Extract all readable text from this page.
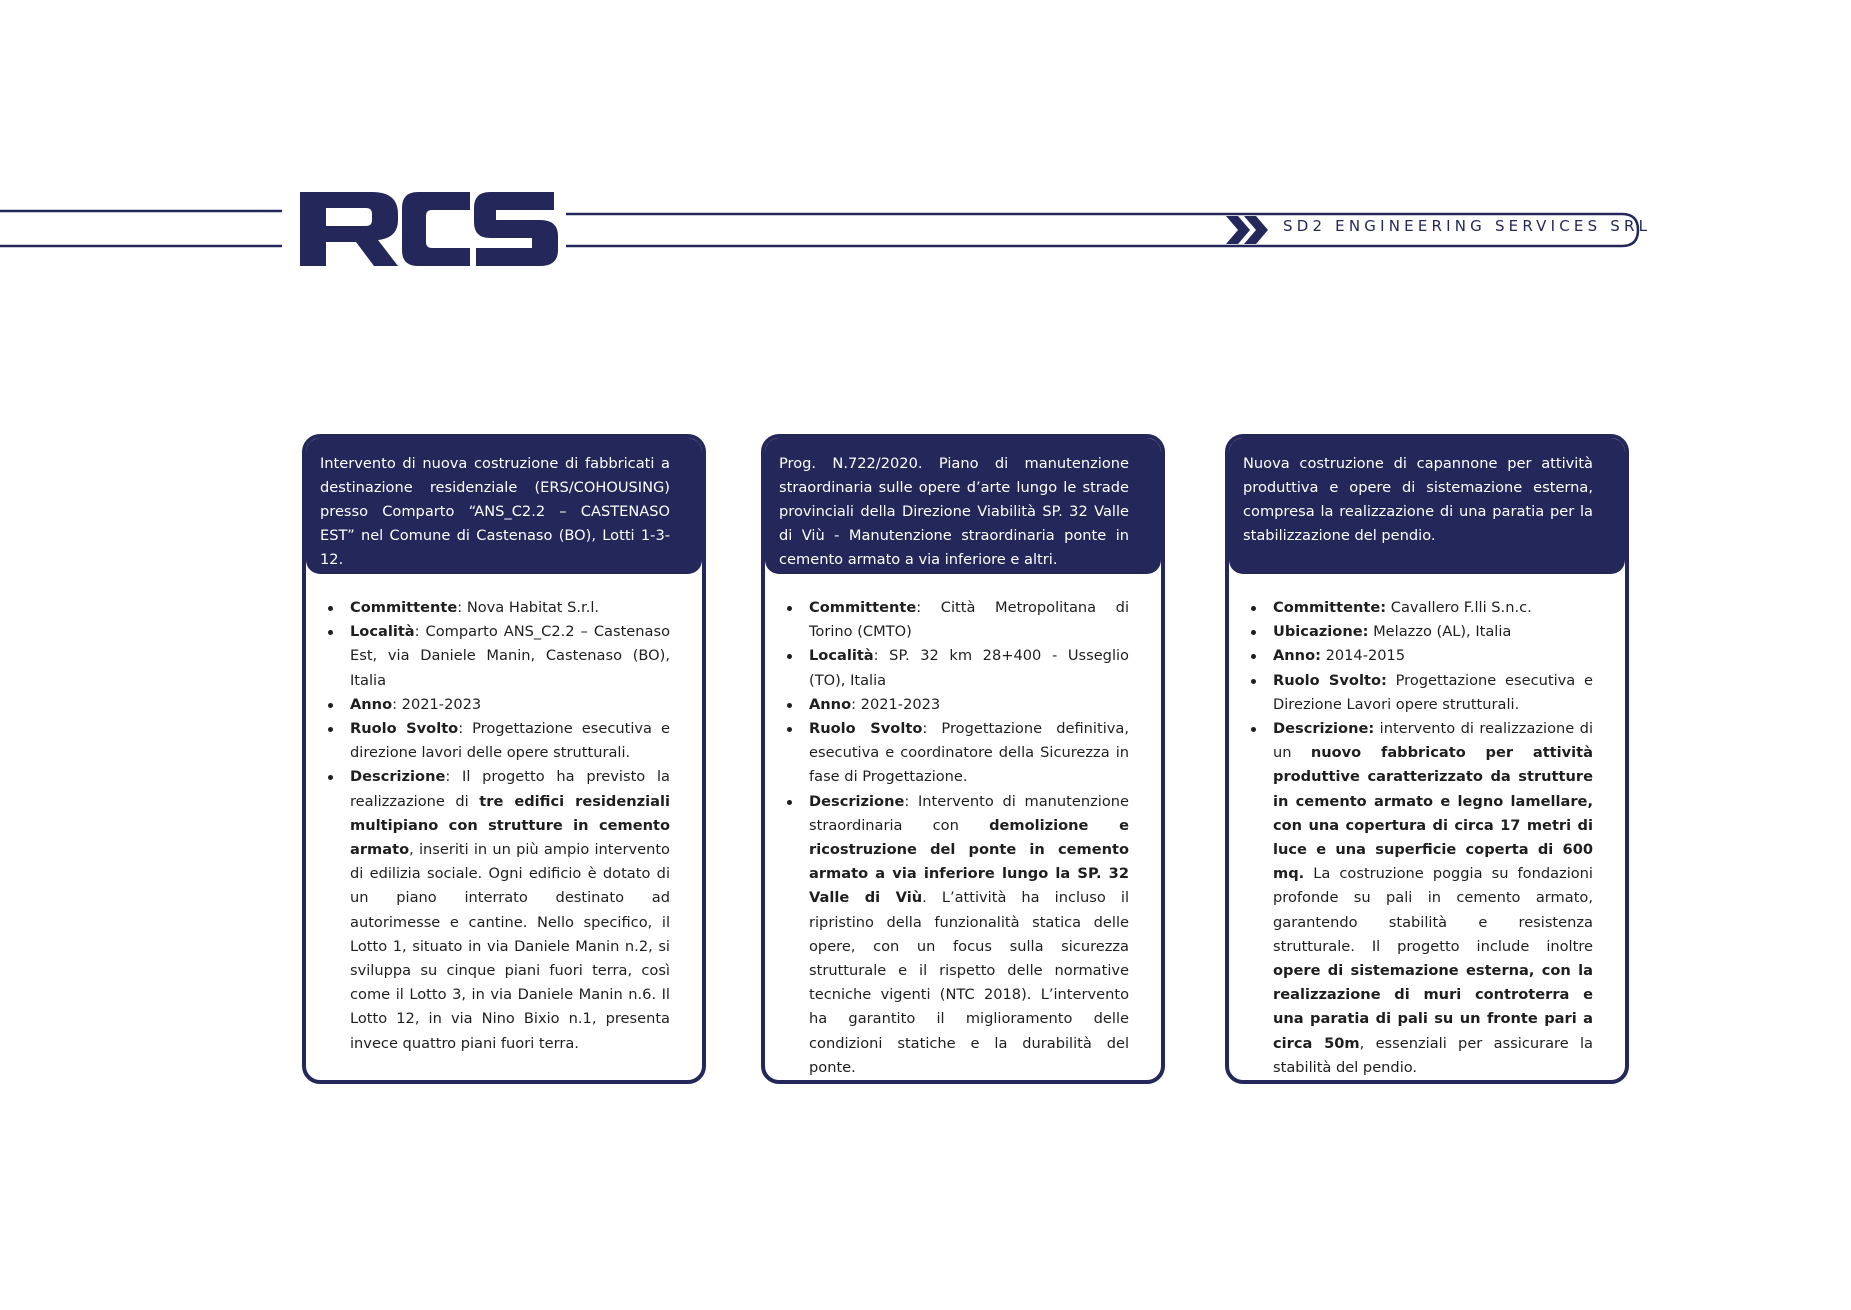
SD2 ENGINEERING SERVICES SRL
Intervento di nuova costruzione di fabbricati a destinazione residenziale (ERS/COHOUSING) presso Comparto “ANS_C2.2 – CASTENASO EST” nel Comune di Castenaso (BO), Lotti 1-3-12.
Committente: Nova Habitat S.r.l.
Località: Comparto ANS_C2.2 – Castenaso Est, via Daniele Manin, Castenaso (BO), Italia
Anno: 2021-2023
Ruolo Svolto: Progettazione esecutiva e direzione lavori delle opere strutturali.
Descrizione: Il progetto ha previsto la realizzazione di tre edifici residenziali multipiano con strutture in cemento armato, inseriti in un più ampio intervento di edilizia sociale. Ogni edificio è dotato di un piano interrato destinato ad autorimesse e cantine. Nello specifico, il Lotto 1, situato in via Daniele Manin n.2, si sviluppa su cinque piani fuori terra, così come il Lotto 3, in via Daniele Manin n.6. Il Lotto 12, in via Nino Bixio n.1, presenta invece quattro piani fuori terra.
Prog. N.722/2020. Piano di manutenzione straordinaria sulle opere d’arte lungo le strade provinciali della Direzione Viabilità SP. 32 Valle di Viù - Manutenzione straordinaria ponte in cemento armato a via inferiore e altri.
Committente: Città Metropolitana di Torino (CMTO)
Località: SP. 32 km 28+400 - Usseglio (TO), Italia
Anno: 2021-2023
Ruolo Svolto: Progettazione definitiva, esecutiva e coordinatore della Sicurezza in fase di Progettazione.
Descrizione: Intervento di manutenzione straordinaria con demolizione e ricostruzione del ponte in cemento armato a via inferiore lungo la SP. 32 Valle di Viù. L’attività ha incluso il ripristino della funzionalità statica delle opere, con un focus sulla sicurezza strutturale e il rispetto delle normative tecniche vigenti (NTC 2018). L’intervento ha garantito il miglioramento delle condizioni statiche e la durabilità del ponte.
Nuova costruzione di capannone per attività produttiva e opere di sistemazione esterna, compresa la realizzazione di una paratia per la stabilizzazione del pendio.
Committente: Cavallero F.lli S.n.c.
Ubicazione: Melazzo (AL), Italia
Anno: 2014-2015
Ruolo Svolto: Progettazione esecutiva e Direzione Lavori opere strutturali.
Descrizione: intervento di realizzazione di un nuovo fabbricato per attività produttive caratterizzato da strutture in cemento armato e legno lamellare, con una copertura di circa 17 metri di luce e una superficie coperta di 600 mq. La costruzione poggia su fondazioni profonde su pali in cemento armato, garantendo stabilità e resistenza strutturale. Il progetto include inoltre opere di sistemazione esterna, con la realizzazione di muri controterra e una paratia di pali su un fronte pari a circa 50m, essenziali per assicurare la stabilità del pendio.
